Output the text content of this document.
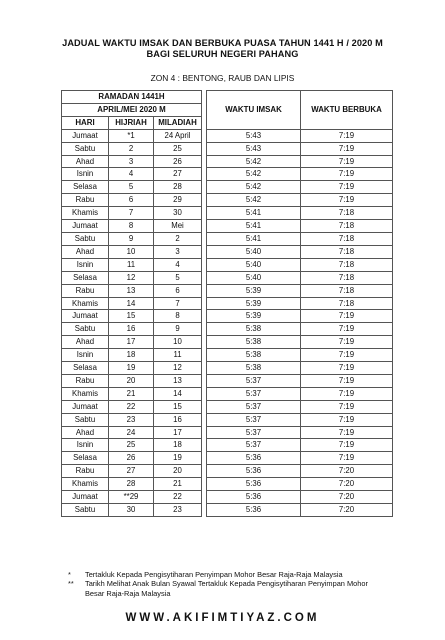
JADUAL WAKTU IMSAK DAN BERBUKA PUASA TAHUN 1441 H / 2020 M
BAGI SELURUH NEGERI PAHANG
ZON 4 : BENTONG, RAUB DAN LIPIS
RAMADAN 1441H				WAKTU IMSAK	WAKTU BERBUKA
APRIL/MEI 2020 M					
HARI	HIJRIAH	MILADIAH			
Jumaat	*1	24 April		5:43	7:19
Sabtu	2	25		5:43	7:19
Ahad	3	26		5:42	7:19
Isnin	4	27		5:42	7:19
Selasa	5	28		5:42	7:19
Rabu	6	29		5:42	7:19
Khamis	7	30		5:41	7:18
Jumaat	8	Mei		5:41	7:18
Sabtu	9	2		5:41	7:18
Ahad	10	3		5:40	7:18
Isnin	11	4		5:40	7:18
Selasa	12	5		5:40	7:18
Rabu	13	6		5:39	7:18
Khamis	14	7		5:39	7:18
Jumaat	15	8		5:39	7:19
Sabtu	16	9		5:38	7:19
Ahad	17	10		5:38	7:19
Isnin	18	11		5:38	7:19
Selasa	19	12		5:38	7:19
Rabu	20	13		5:37	7:19
Khamis	21	14		5:37	7:19
Jumaat	22	15		5:37	7:19
Sabtu	23	16		5:37	7:19
Ahad	24	17		5:37	7:19
Isnin	25	18		5:37	7:19
Selasa	26	19		5:36	7:19
Rabu	27	20		5:36	7:20
Khamis	28	21		5:36	7:20
Jumaat	**29	22		5:36	7:20
Sabtu	30	23		5:36	7:20
*	Tertakluk Kepada Pengisytiharan Penyimpan Mohor Besar Raja-Raja Malaysia
**	Tarikh Melihat Anak Bulan Syawal Tertakluk Kepada Pengisytiharan Penyimpan Mohor Besar Raja-Raja Malaysia
WWW.AKIFIMTIYAZ.COM
